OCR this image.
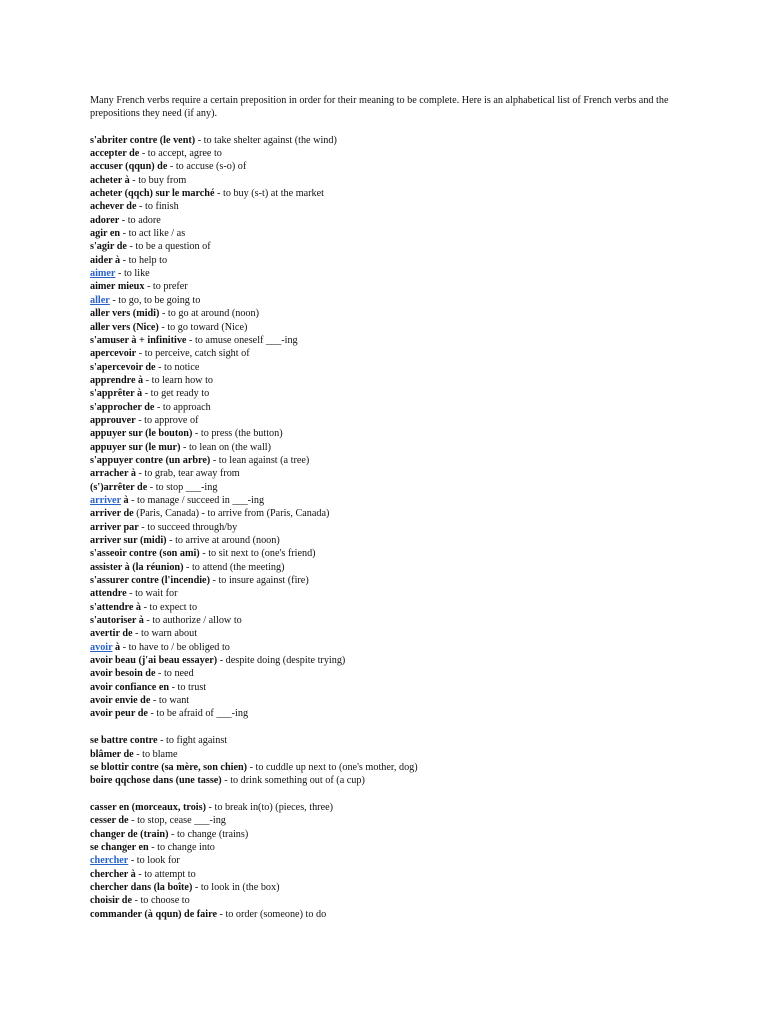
Many French verbs require a certain preposition in order for their meaning to be complete. Here is an alphabetical list of French verbs and the prepositions they need (if any).

s'abriter contre (le vent) - to take shelter against (the wind)
accepter de - to accept, agree to
accuser (qqun) de - to accuse (s-o) of
acheter à - to buy from
acheter (qqch) sur le marché - to buy (s-t) at the market
achever de - to finish
adorer - to adore
agir en - to act like / as
s'agir de - to be a question of
aider à - to help to
aimer - to like
aimer mieux - to prefer
aller - to go, to be going to
aller vers (midi) - to go at around (noon)
aller vers (Nice) - to go toward (Nice)
s'amuser à + infinitive - to amuse oneself ___-ing
apercevoir - to perceive, catch sight of
s'apercevoir de - to notice
apprendre à - to learn how to
s'apprêter à - to get ready to
s'approcher de - to approach
approuver - to approve of
appuyer sur (le bouton) - to press (the button)
appuyer sur (le mur) - to lean on (the wall)
s'appuyer contre (un arbre) - to lean against (a tree)
arracher à - to grab, tear away from
(s')arrêter de - to stop ___-ing
arriver à - to manage / succeed in ___-ing
arriver de (Paris, Canada) - to arrive from (Paris, Canada)
arriver par - to succeed through/by
arriver sur (midi) - to arrive at around (noon)
s'asseoir contre (son ami) - to sit next to (one's friend)
assister à (la réunion) - to attend (the meeting)
s'assurer contre (l'incendie) - to insure against (fire)
attendre - to wait for
s'attendre à - to expect to
s'autoriser à - to authorize / allow to
avertir de - to warn about
avoir à - to have to / be obliged to
avoir beau (j'ai beau essayer) - despite doing (despite trying)
avoir besoin de - to need
avoir confiance en - to trust
avoir envie de - to want
avoir peur de - to be afraid of ___-ing
se battre contre - to fight against
blâmer de - to blame
se blottir contre (sa mère, son chien) - to cuddle up next to (one's mother, dog)
boire qqchose dans (une tasse) - to drink something out of (a cup)
casser en (morceaux, trois) - to break in(to) (pieces, three)
cesser de - to stop, cease ___-ing
changer de (train) - to change (trains)
se changer en - to change into
chercher - to look for
chercher à - to attempt to
chercher dans (la boîte) - to look in (the box)
choisir de - to choose to
commander (à qqun) de faire - to order (someone) to do
